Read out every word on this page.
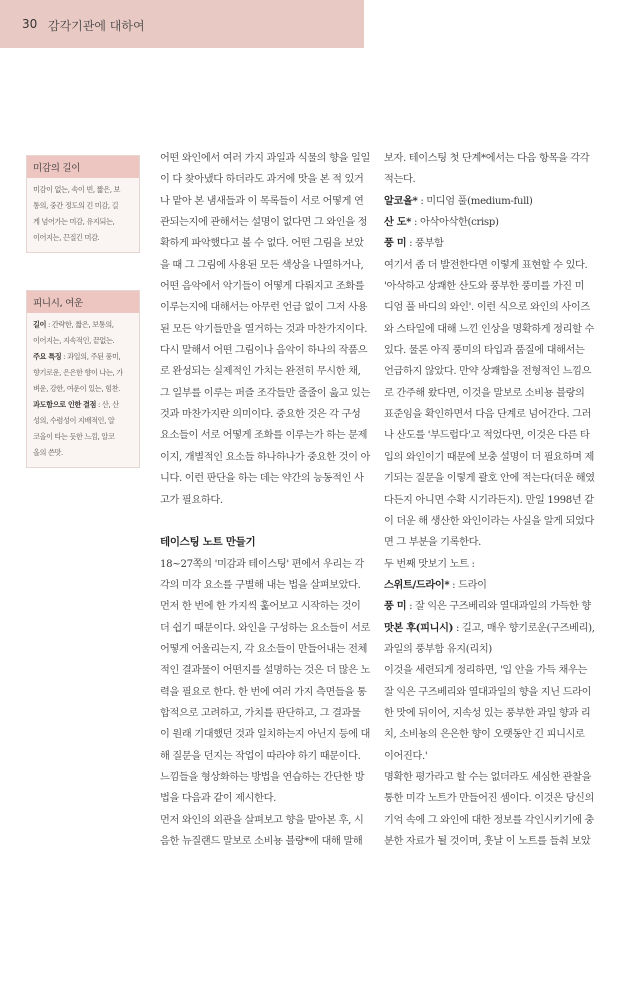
30 감각기관에 대하여
미감의 길이
미감이 없는, 속이 빈, 짧은, 보
통의, 중간 정도의 긴 미감, 길
게 넘어가는 미감, 유지되는,
이어지는, 끈질긴 미감.
피니시, 여운
길이 : 간략한, 짧은, 보통의,
이어지는, 지속적인, 끝없는.
주요 특징 : 과일의, 주된 풍미,
향기로운, 은은한 향이 나는, 가
벼운, 강한, 여운이 있는, 힘찬.
과도함으로 인한 결점 : 산, 산
성의, 수렴성이 지배적인, 알
코올이 타는 듯한 느낌, 알코
올의 쓴맛.
어떤 와인에서 여러 가지 과일과 식물의 향을 일일
이 다 찾아냈다 하더라도 과거에 맛을 본 적 있거
나 맡아 본 냄새들과 이 목록들이 서로 어떻게 연
관되는지에 관해서는 설명이 없다면 그 와인을 정
확하게 파악했다고 볼 수 없다. 어떤 그림을 보았
을 때 그 그림에 사용된 모든 색상을 나열하거나,
어떤 음악에서 악기들이 어떻게 다뤄지고 조화를
이루는지에 대해서는 아무런 언급 없이 그저 사용
된 모든 악기들만을 열거하는 것과 마찬가지이다.
다시 말해서 어떤 그림이나 음악이 하나의 작품으
로 완성되는 실제적인 가치는 완전히 무시한 채,
그 일부를 이루는 퍼즐 조각들만 줄줄이 읊고 있는
것과 마찬가지란 의미이다. 중요한 것은 각 구성
요소들이 서로 어떻게 조화를 이루는가 하는 문제
이지, 개별적인 요소들 하나하나가 중요한 것이 아
니다. 이런 판단을 하는 데는 약간의 능동적인 사
고가 필요하다.
테이스팅 노트 만들기
18~27쪽의 '미감과 테이스팅' 편에서 우리는 각
각의 미각 요소를 구별해 내는 법을 살펴보았다.
먼저 한 번에 한 가지씩 훑어보고 시작하는 것이
더 쉽기 때문이다. 와인을 구성하는 요소들이 서로
어떻게 어울리는지, 각 요소들이 만들어내는 전체
적인 결과물이 어떤지를 설명하는 것은 더 많은 노
력을 필요로 한다. 한 번에 여러 가지 측면들을 통
합적으로 고려하고, 가치를 판단하고, 그 결과물
이 원래 기대했던 것과 일치하는지 아닌지 등에 대
해 질문을 던지는 작업이 따라야 하기 때문이다.
느낌들을 형상화하는 방법을 연습하는 간단한 방
법을 다음과 같이 제시한다.
먼저 와인의 외관을 살펴보고 향을 맡아본 후, 시
음한 뉴질랜드 말보로 소비뇽 블랑*에 대해 말해
보자. 테이스팅 첫 단계*에서는 다음 항목을 각각
적는다.
알코올* : 미디엄 풀(medium-full)
산 도* : 아삭아삭한(crisp)
풍 미 : 풍부함
여기서 좀 더 발전한다면 이렇게 표현할 수 있다.
'아삭하고 상쾌한 산도와 풍부한 풍미를 가진 미
디엄 풀 바디의 와인'. 이런 식으로 와인의 사이즈
와 스타일에 대해 느낀 인상을 명확하게 정리할 수
있다. 물론 아직 풍미의 타입과 품질에 대해서는
언급하지 않았다. 만약 상쾌함을 전형적인 느낌으
로 간주해 왔다면, 이것을 말보로 소비뇽 블랑의
표준임을 확인하면서 다음 단계로 넘어간다. 그러
나 산도를 '부드럽다'고 적었다면, 이것은 다른 타
입의 와인이기 때문에 보충 설명이 더 필요하며 제
기되는 질문을 이렇게 괄호 안에 적는다(더운 해였
다든지 아니면 수확 시기라든지). 만일 1998년 같
이 더운 해 생산한 와인이라는 사실을 알게 되었다
면 그 부분을 기록한다.
두 번째 맛보기 노트 :
스위트/드라이* : 드라이
풍 미 : 잘 익은 구즈베리와 열대과일의 가득한 향
맛본 후(피니시) : 길고, 매우 향기로운(구즈베리),
과일의 풍부함 유지(리치)
이것을 세련되게 정리하면, '입 안을 가득 채우는
잘 익은 구즈베리와 열대과일의 향을 지닌 드라이
한 맛에 뒤이어, 지속성 있는 풍부한 과일 향과 리
치, 소비뇽의 은은한 향이 오랫동안 긴 피니시로
이어진다.'
명확한 평가라고 할 수는 없더라도 세심한 관찰을
통한 미각 노트가 만들어진 셈이다. 이것은 당신의
기억 속에 그 와인에 대한 정보를 각인시키기에 충
분한 자료가 될 것이며, 훗날 이 노트를 들춰 보았
